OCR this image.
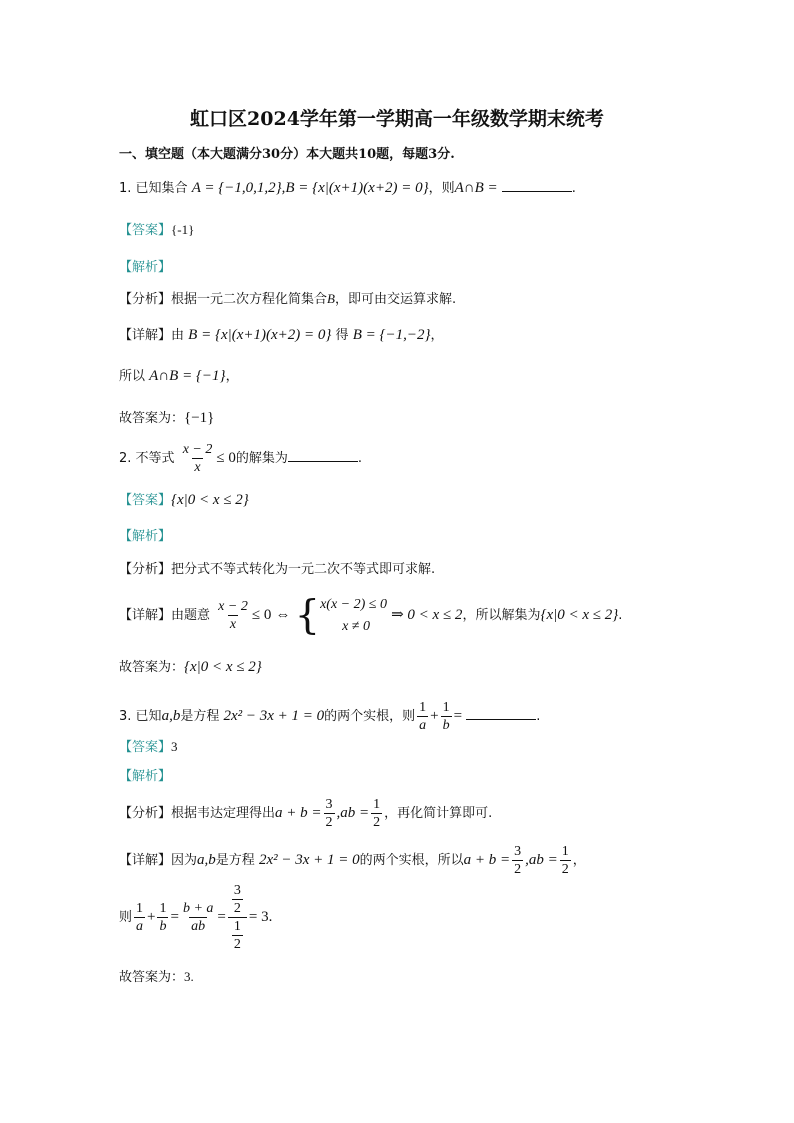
虹口区2024学年第一学期高一年级数学期末统考
一、填空题（本大题满分30分）本大题共10题，每题3分.
1. 已知集合 A = {−1,0,1,2},B = {x|(x+1)(x+2) = 0}，则A∩B =	.
【答案】{-1}
【解析】
【分析】根据一元二次方程化简集合B，即可由交运算求解.
【详解】由 B = {x|(x+1)(x+2) = 0} 得 B = {−1,−2}，
所以 A∩B = {−1}，
故答案为：{−1}
2. 不等式 $\frac{x - 2}{x} \le 0$的解集为	.
【答案】{x|0 < x ≤ 2}
【解析】
【分析】把分式不等式转化为一元二次不等式即可求解.
【详解】由题意 $\frac{x - 2}{x} \le 0$ ⇔ { x(x − 2) ≤ 0
x ≠ 0
⇒ 0 < x ≤ 2，所以解集为{x|0 < x ≤ 2}.
故答案为：{x|0 < x ≤ 2}
3. 已知a,b是方程 2x² − 3x + 1 = 0的两个实根，则 $\frac{1}{a} + \frac{1}{b}$ =	.
【答案】3
【解析】
【分析】根据韦达定理得出$a + b = \frac{3}{2} ,ab = \frac{1}{2}$ ，再化简计算即可.
【详解】因为a,b是方程 2x² − 3x + 1 = 0的两个实根，所以$a + b = \frac{3}{2} ,ab = \frac{1}{2}$ ，
则 $\frac{1}{a} + \frac{1}{b} = \frac{b + a}{ab} = \frac{\frac{3}{2}}{\frac{1}{2}} = 3$.
故答案为：3.
